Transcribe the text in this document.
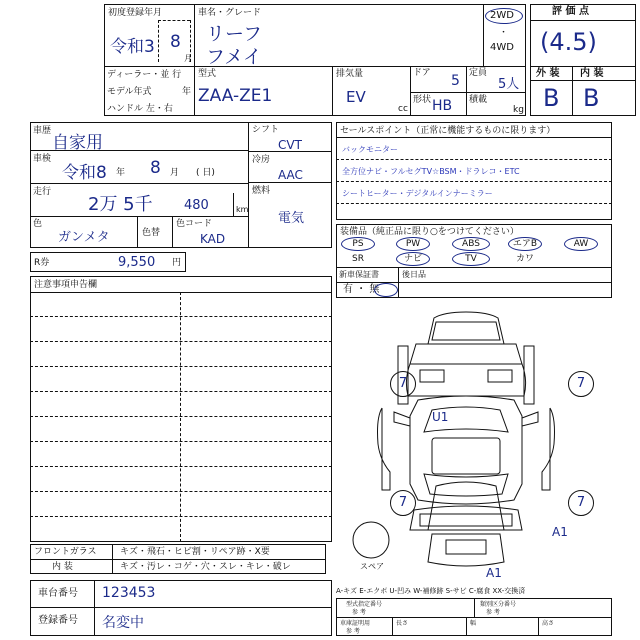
初度登録年月
令和3 8
月
車名・グレード
リーフ
フメイ
2WD
・
4WD
ディーラー・並 行
モデル年式	年
ハンドル 左・右
型式
ZAA-ZE1
排気量
EV
cc
ドア 5 定員
5人
形状 HB 積載
kg
評 価 点
(4.5)
外 装 内 装
B B
車歴
自家用
車検
令和8 年 8 月 ( 日)
走行
2万 5千 480	km
色
ガンメタ	色替
色コード
KAD
シフト
CVT
冷房
AAC
燃料
電気
R券	9,550 円
セールスポイント（正常に機能するものに限ります）
バックモニター
全方位ナビ・フルセグTV☆BSM・ドラレコ・ETC
シートヒーター・デジタルインナーミラー
装備品（純正品に限り○をつけてください）
PS	PW	ABS	エアB	AW
SR	ナビ	TV	カワ
新車保証書
有 ・ 無
後日品
注意事項申告欄
フロントガラス	キズ・飛石・ヒビ割・リペア跡・X要
内 装	キズ・汚レ・コゲ・穴・スレ・キレ・破レ
車台番号 123453
登録番号 名変中
A-キズ E-エクボ U-凹み W-補修跡 S-サビ C-腐食 XX-交換済
型式指定番号
参 考
類別区分番号
参 考
車庫証明用
参 考
長さ	幅	高さ
7	7
7	7
U1
A1
A1
スペア
